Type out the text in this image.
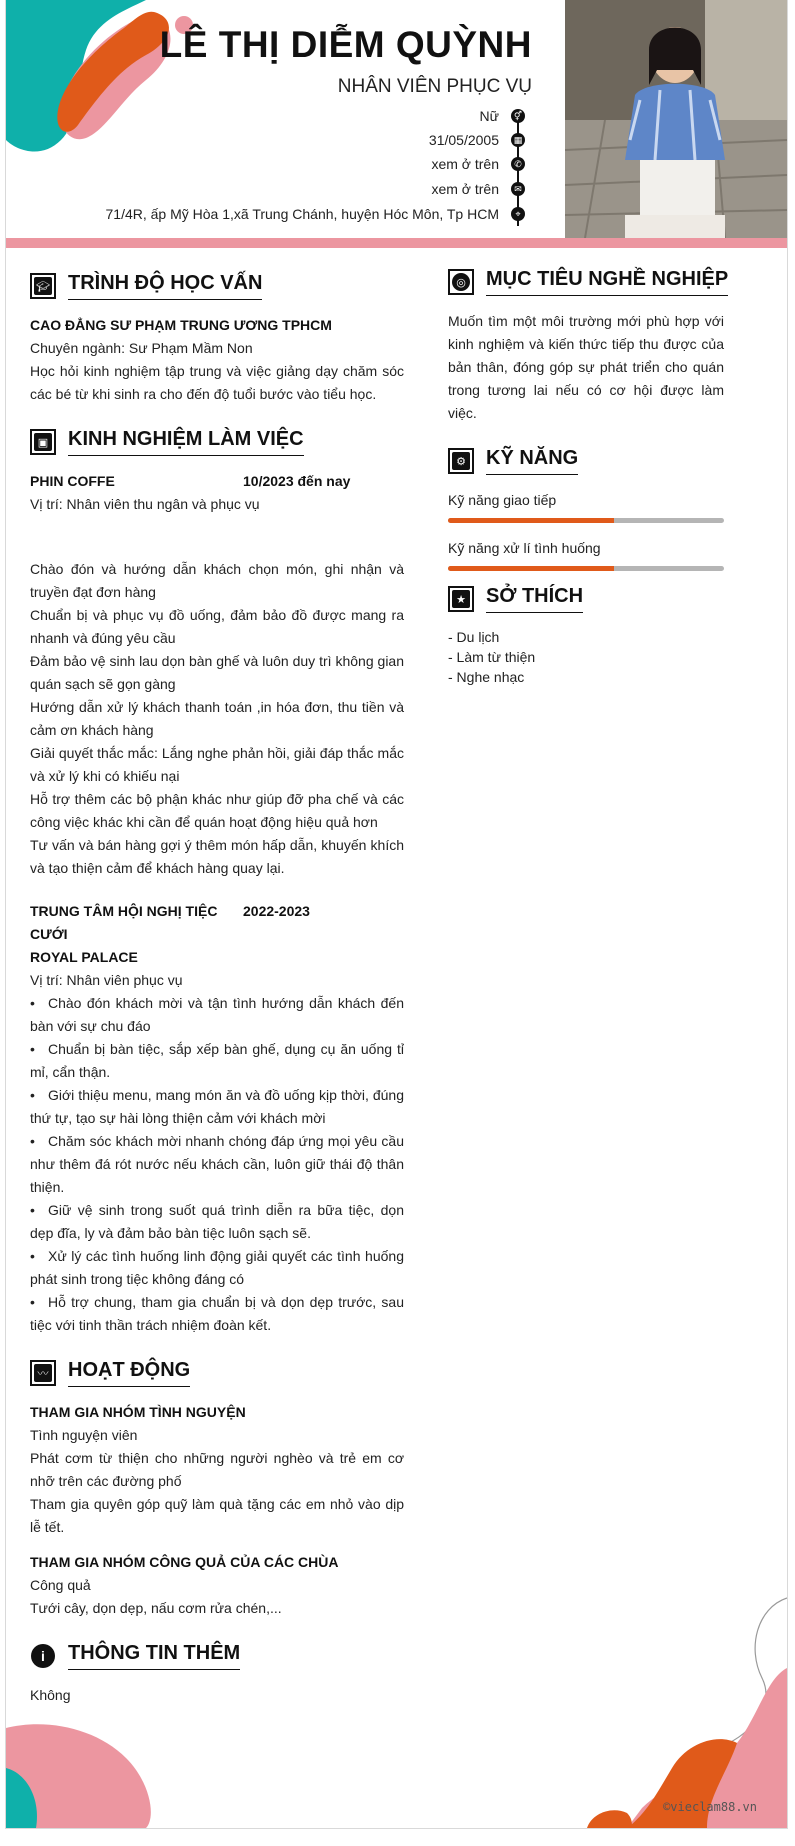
LÊ THỊ DIỄM QUỲNH
NHÂN VIÊN PHỤC VỤ
Nữ	⚥
31/05/2005	▦
xem ở trên	✆
xem ở trên	✉
71/4R, ấp Mỹ Hòa 1,xã Trung Chánh, huyện Hóc Môn, Tp HCM	⌖
🎓︎ TRÌNH ĐỘ HỌC VẤN
CAO ĐẲNG SƯ PHẠM TRUNG ƯƠNG TPHCM

Chuyên ngành: Sư Phạm Mầm Non

Học hỏi kinh nghiệm tập trung và việc giảng dạy chăm sóc các bé từ khi sinh ra cho đến độ tuổi bước vào tiểu học.

▣ KINH NGHIỆM LÀM VIỆC
PHIN COFFE	10/2023 đến nay

Vị trí: Nhân viên thu ngân và phục vụ

Chào đón và hướng dẫn khách chọn món, ghi nhận và truyền đạt đơn hàng

Chuẩn bị và phục vụ đồ uống, đảm bảo đồ được mang ra nhanh và đúng yêu cầu

Đảm bảo vệ sinh lau dọn bàn ghế và luôn duy trì không gian quán sạch sẽ gọn gàng

Hướng dẫn xử lý khách thanh toán ,in hóa đơn, thu tiền và cảm ơn khách hàng

Giải quyết thắc mắc: Lắng nghe phản hồi, giải đáp thắc mắc và xử lý khi có khiếu nại

Hỗ trợ thêm các bộ phận khác như giúp đỡ pha chế và các công việc khác khi cần để quán hoạt động hiệu quả hơn

Tư vấn và bán hàng gợi ý thêm món hấp dẫn, khuyến khích và tạo thiện cảm để khách hàng quay lại.

TRUNG TÂM HỘI NGHỊ TIỆC CƯỚI
2022-2023
ROYAL PALACE

Vị trí: Nhân viên phục vụ

• Chào đón khách mời và tận tình hướng dẫn khách đến bàn với sự chu đáo

• Chuẩn bị bàn tiệc, sắp xếp bàn ghế, dụng cụ ăn uống tỉ mỉ, cẩn thận.

• Giới thiệu menu, mang món ăn và đồ uống kịp thời, đúng thứ tự, tạo sự hài lòng thiện cảm với khách mời

• Chăm sóc khách mời nhanh chóng đáp ứng mọi yêu cầu như thêm đá rót nước nếu khách cần, luôn giữ thái độ thân thiện.

• Giữ vệ sinh trong suốt quá trình diễn ra bữa tiệc, dọn dẹp đĩa, ly và đảm bảo bàn tiệc luôn sạch sẽ.

• Xử lý các tình huống linh động giải quyết các tình huống phát sinh trong tiệc không đáng có

• Hỗ trợ chung, tham gia chuẩn bị và dọn dẹp trước, sau tiệc với tinh thần trách nhiệm đoàn kết.

〰 HOẠT ĐỘNG
THAM GIA NHÓM TÌNH NGUYỆN

Tình nguyện viên

Phát cơm từ thiện cho những người nghèo và trẻ em cơ nhỡ trên các đường phố

Tham gia quyên góp quỹ làm quà tặng các em nhỏ vào dịp lễ tết.

THAM GIA NHÓM CÔNG QUẢ CỦA CÁC CHÙA

Công quả

Tưới cây, dọn dẹp, nấu cơm rửa chén,...

i	THÔNG TIN THÊM

Không

◎ MỤC TIÊU NGHỀ NGHIỆP

Muốn tìm một môi trường mới phù hợp với kinh nghiệm và kiến thức tiếp thu được của bản thân, đóng góp sự phát triển cho quán trong tương lai nếu có cơ hội được làm việc.

⚙ KỸ NĂNG
Kỹ năng giao tiếp
Kỹ năng xử lí tình huống
★ SỞ THÍCH

- Du lịch

- Làm từ thiện

- Nghe nhạc

©vieclam88.vn
